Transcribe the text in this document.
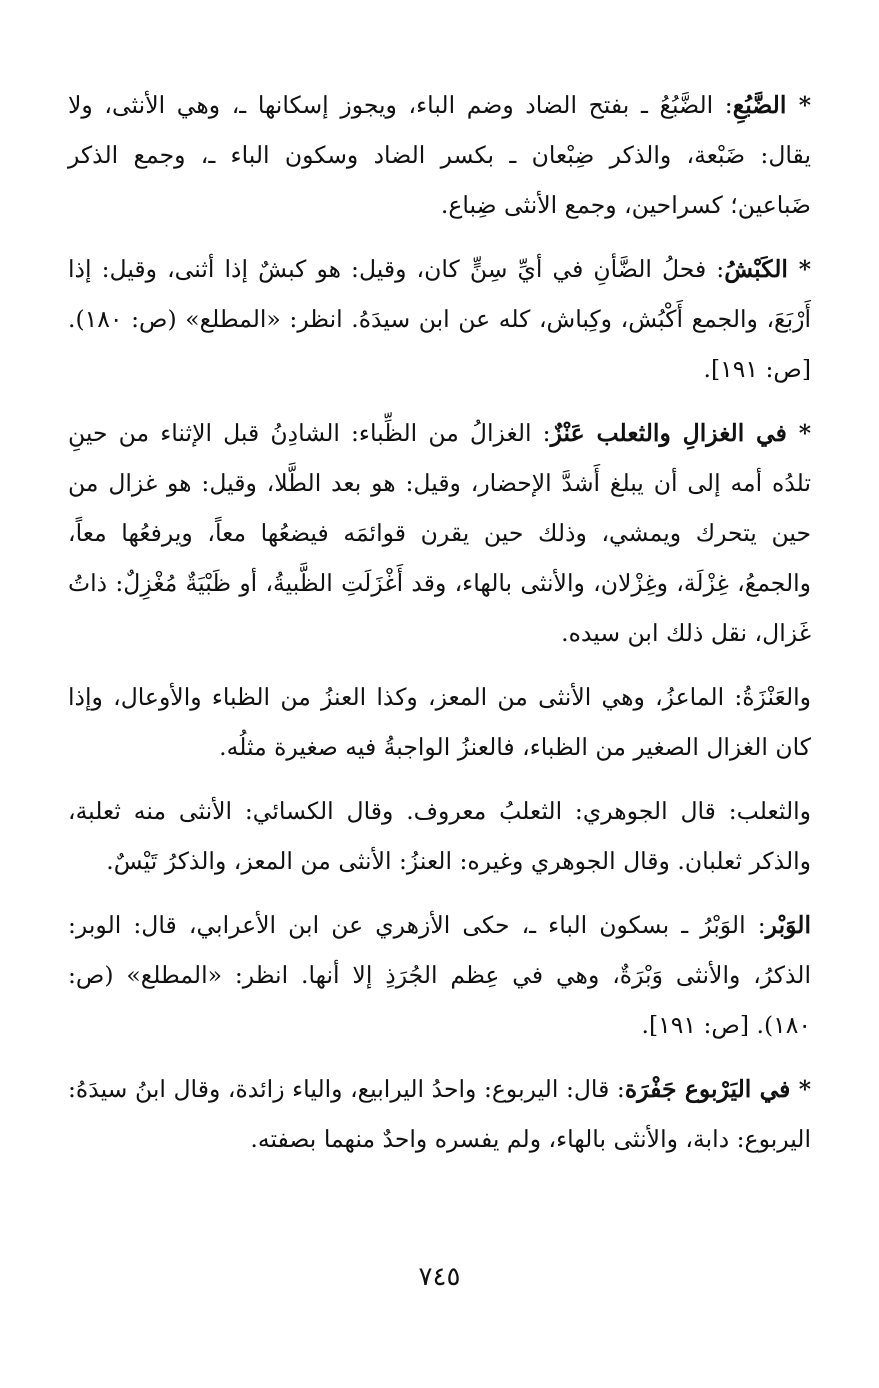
* الضَّبُعِ: الضَّبُعُ ـ بفتح الضاد وضم الباء، ويجوز إسكانها ـ، وهي الأنثى، ولا يقال: ضَبْعة، والذكر ضِبْعان ـ بكسر الضاد وسكون الباء ـ، وجمع الذكر ضَباعين؛ كسراحين، وجمع الأنثى ضِباع.

* الكَبْشُ: فحلُ الضَّأنِ في أيِّ سِنٍّ كان، وقيل: هو كبشٌ إذا أثنى، وقيل: إذا أَرْبَعَ، والجمع أَكْبُش، وكِباش، كله عن ابن سيدَهُ. انظر: «المطلع» (ص: ١٨٠). [ص: ١٩١].

* في الغزالِ والثعلب عَنْزٌ: الغزالُ من الظِّباء: الشادِنُ قبل الإثناء من حينِ تلدُه أمه إلى أن يبلغ أَشدَّ الإحضار، وقيل: هو بعد الطَّلا، وقيل: هو غزال من حين يتحرك ويمشي، وذلك حين يقرن قوائمَه فيضعُها معاً، ويرفعُها معاً، والجمعُ، غِزْلَة، وغِزْلان، والأنثى بالهاء، وقد أَغْزَلَتِ الظَّبيةُ، أو ظَبْيَةٌ مُغْزِلٌ: ذاتُ غَزال، نقل ذلك ابن سيده.

والعَنْزَةُ: الماعزُ، وهي الأنثى من المعز، وكذا العنزُ من الظباء والأوعال، وإذا كان الغزال الصغير من الظباء، فالعنزُ الواجبةُ فيه صغيرة مثلُه.

والثعلب: قال الجوهري: الثعلبُ معروف. وقال الكسائي: الأنثى منه ثعلبة، والذكر ثعلبان. وقال الجوهري وغيره: العنزُ: الأنثى من المعز، والذكرُ تَيْسٌ.

الوَبْر: الوَبْرُ ـ بسكون الباء ـ، حكى الأزهري عن ابن الأعرابي، قال: الوبر: الذكرُ، والأنثى وَبْرَةٌ، وهي في عِظم الجُرَذِ إلا أنها. انظر: «المطلع» (ص: ١٨٠). [ص: ١٩١].

* في اليَرْبوع جَفْرَة: قال: اليربوع: واحدُ اليرابيع، والياء زائدة، وقال ابنُ سيدَهُ: اليربوع: دابة، والأنثى بالهاء، ولم يفسره واحدٌ منهما بصفته.

٧٤٥
